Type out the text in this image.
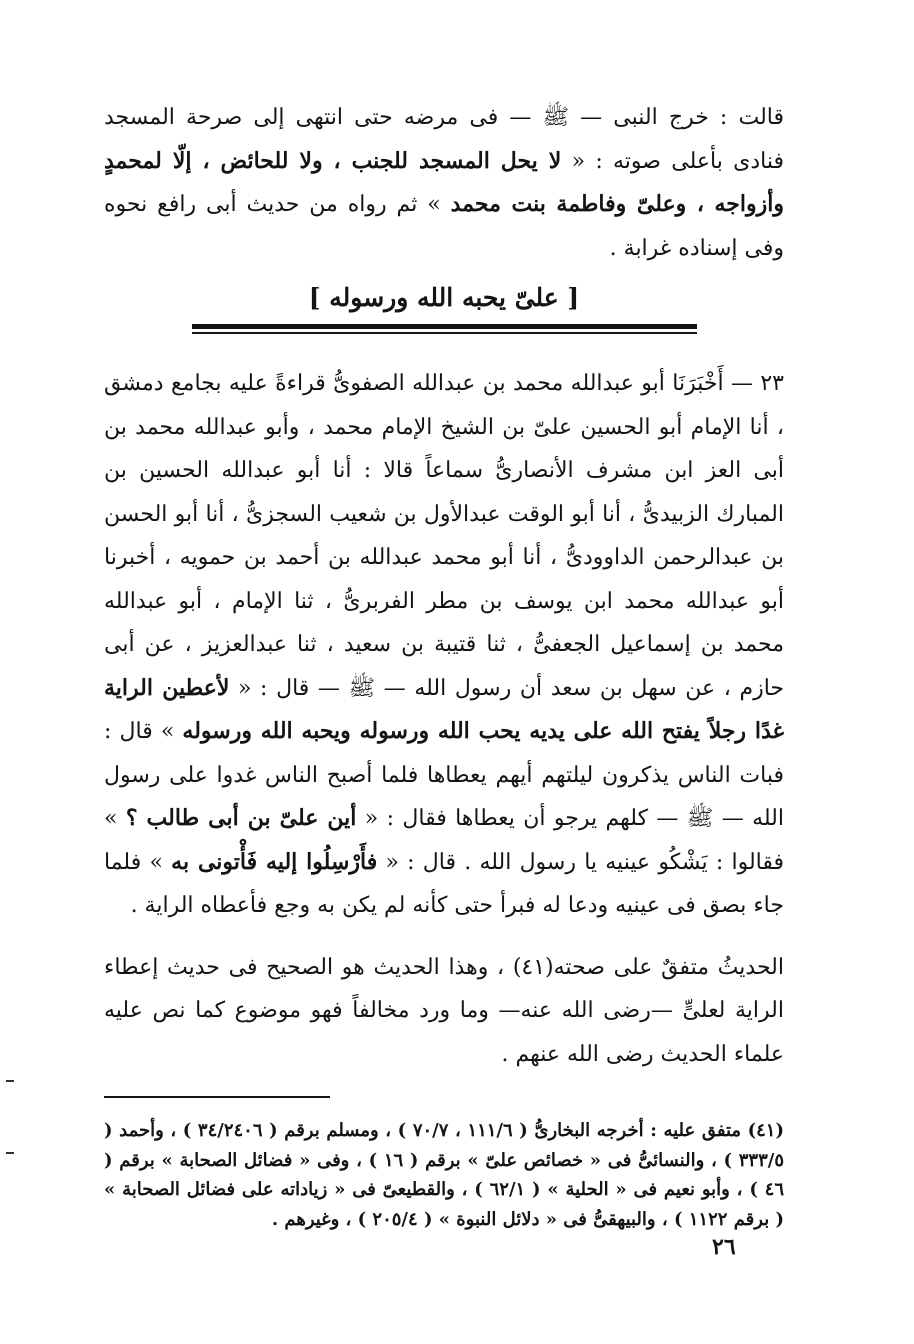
قالت : خرج النبى — ﷺ — فى مرضه حتى انتهى إلى صرحة المسجد فنادى بأعلى صوته : « لا يحل المسجد للجنب ، ولا للحائض ، إلّا لمحمدٍ وأزواجه ، وعلىّ وفاطمة بنت محمد » ثم رواه من حديث أبى رافع نحوه وفى إسناده غرابة .

[ علىّ يحبه الله ورسوله ]

٢٣ — أَخْبَرَنَا أبو عبدالله محمد بن عبدالله الصفوىُّ قراءةً عليه بجامع دمشق ، أنا الإمام أبو الحسين علىّ بن الشيخ الإمام محمد ، وأبو عبدالله محمد بن أبى العز ابن مشرف الأنصارىُّ سماعاً قالا : أنا أبو عبدالله الحسين بن المبارك الزبيدىُّ ، أنا أبو الوقت عبدالأول بن شعيب السجزىُّ ، أنا أبو الحسن بن عبدالرحمن الداوودىُّ ، أنا أبو محمد عبدالله بن أحمد بن حمويه ، أخبرنا أبو عبدالله محمد ابن يوسف بن مطر الفربرىُّ ، ثنا الإمام ، أبو عبدالله محمد بن إسماعيل الجعفىُّ ، ثنا قتيبة بن سعيد ، ثنا عبدالعزيز ، عن أبى حازم ، عن سهل بن سعد أن رسول الله — ﷺ — قال : « لأعطين الراية غدًا رجلاً يفتح الله على يديه يحب الله ورسوله ويحبه الله ورسوله » قال : فبات الناس يذكرون ليلتهم أيهم يعطاها فلما أصبح الناس غدوا على رسول الله — ﷺ — كلهم يرجو أن يعطاها فقال : « أين علىّ بن أبى طالب ؟ » فقالوا : يَشْكُو عينيه يا رسول الله . قال : « فأَرْسِلُوا إليه فَأْتونى به » فلما جاء بصق فى عينيه ودعا له فبرأ حتى كأنه لم يكن به وجع فأعطاه الراية .

الحديثُ متفقٌ على صحته(٤١) ، وهذا الحديث هو الصحيح فى حديث إعطاء الراية لعلىٍّ —رضى الله عنه— وما ورد مخالفاً فهو موضوع كما نص عليه علماء الحديث رضى الله عنهم .

(٤١) متفق عليه : أخرجه البخارىُّ ( ١١١/٦ ، ٧٠/٧ ) ، ومسلم برقم ( ٣٤/٢٤٠٦ ) ، وأحمد ( ٣٣٣/٥ ) ، والنسائىُّ فى « خصائص علىّ » برقم ( ١٦ ) ، وفى « فضائل الصحابة » برقم ( ٤٦ ) ، وأبو نعيم فى « الحلية » ( ٦٢/١ ) ، والقطيعىّ فى « زياداته على فضائل الصحابة » ( برقم ١١٢٢ ) ، والبيهقىُّ فى « دلائل النبوة » ( ٢٠٥/٤ ) ، وغيرهم .

٢٦
